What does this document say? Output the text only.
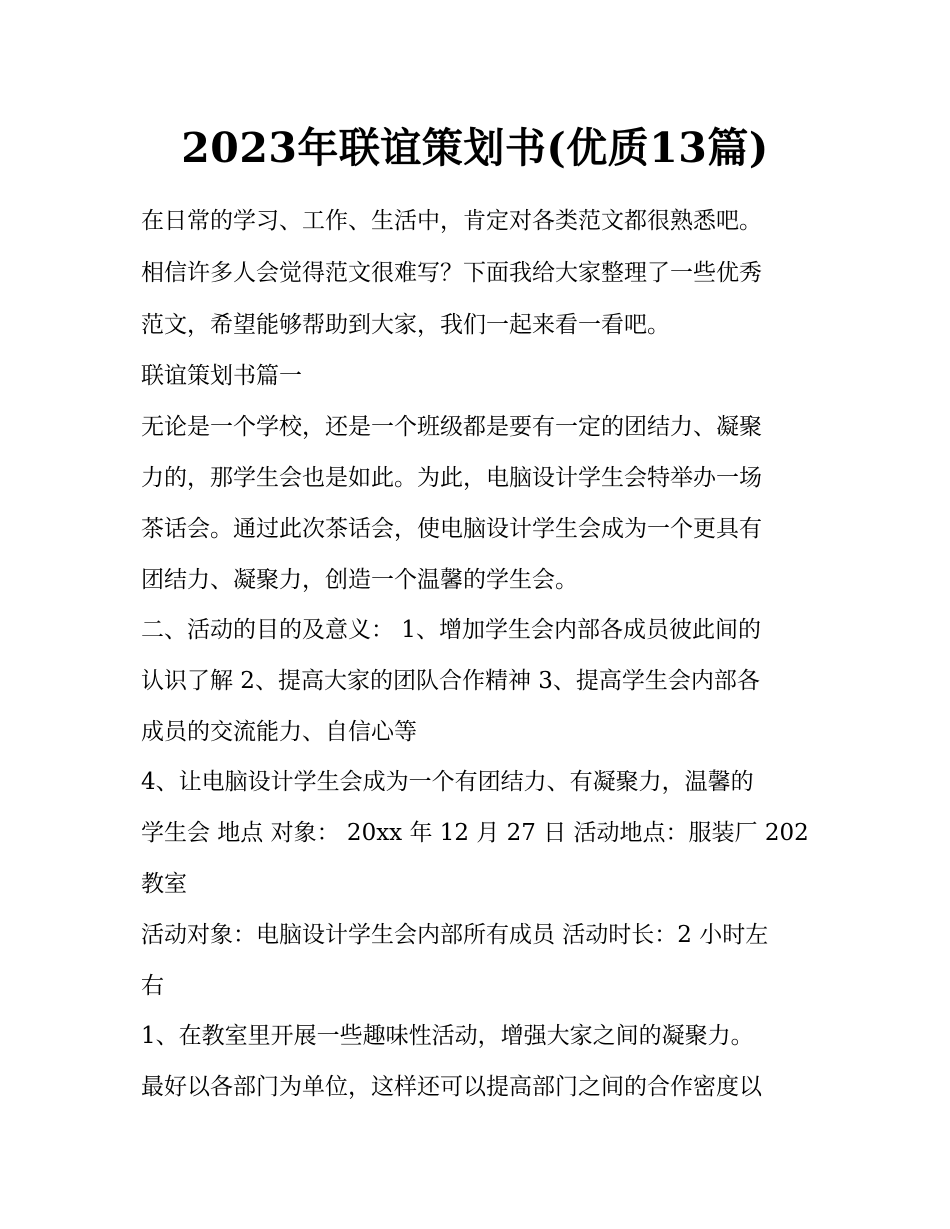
2023年联谊策划书(优质13篇)

在日常的学习、工作、生活中，肯定对各类范文都很熟悉吧。

相信许多人会觉得范文很难写？下面我给大家整理了一些优秀

范文，希望能够帮助到大家，我们一起来看一看吧。

联谊策划书篇一

无论是一个学校，还是一个班级都是要有一定的团结力、凝聚

力的，那学生会也是如此。为此，电脑设计学生会特举办一场

茶话会。通过此次茶话会，使电脑设计学生会成为一个更具有

团结力、凝聚力，创造一个温馨的学生会。

二、活动的目的及意义： 1、增加学生会内部各成员彼此间的

认识了解 2、提高大家的团队合作精神 3、提高学生会内部各

成员的交流能力、自信心等

4、让电脑设计学生会成为一个有团结力、有凝聚力，温馨的

学生会 地点 对象： 20xx 年 12 月 27 日 活动地点：服装厂 202

教室

活动对象：电脑设计学生会内部所有成员 活动时长：2 小时左

右

1、在教室里开展一些趣味性活动，增强大家之间的凝聚力。

最好以各部门为单位，这样还可以提高部门之间的合作密度以
